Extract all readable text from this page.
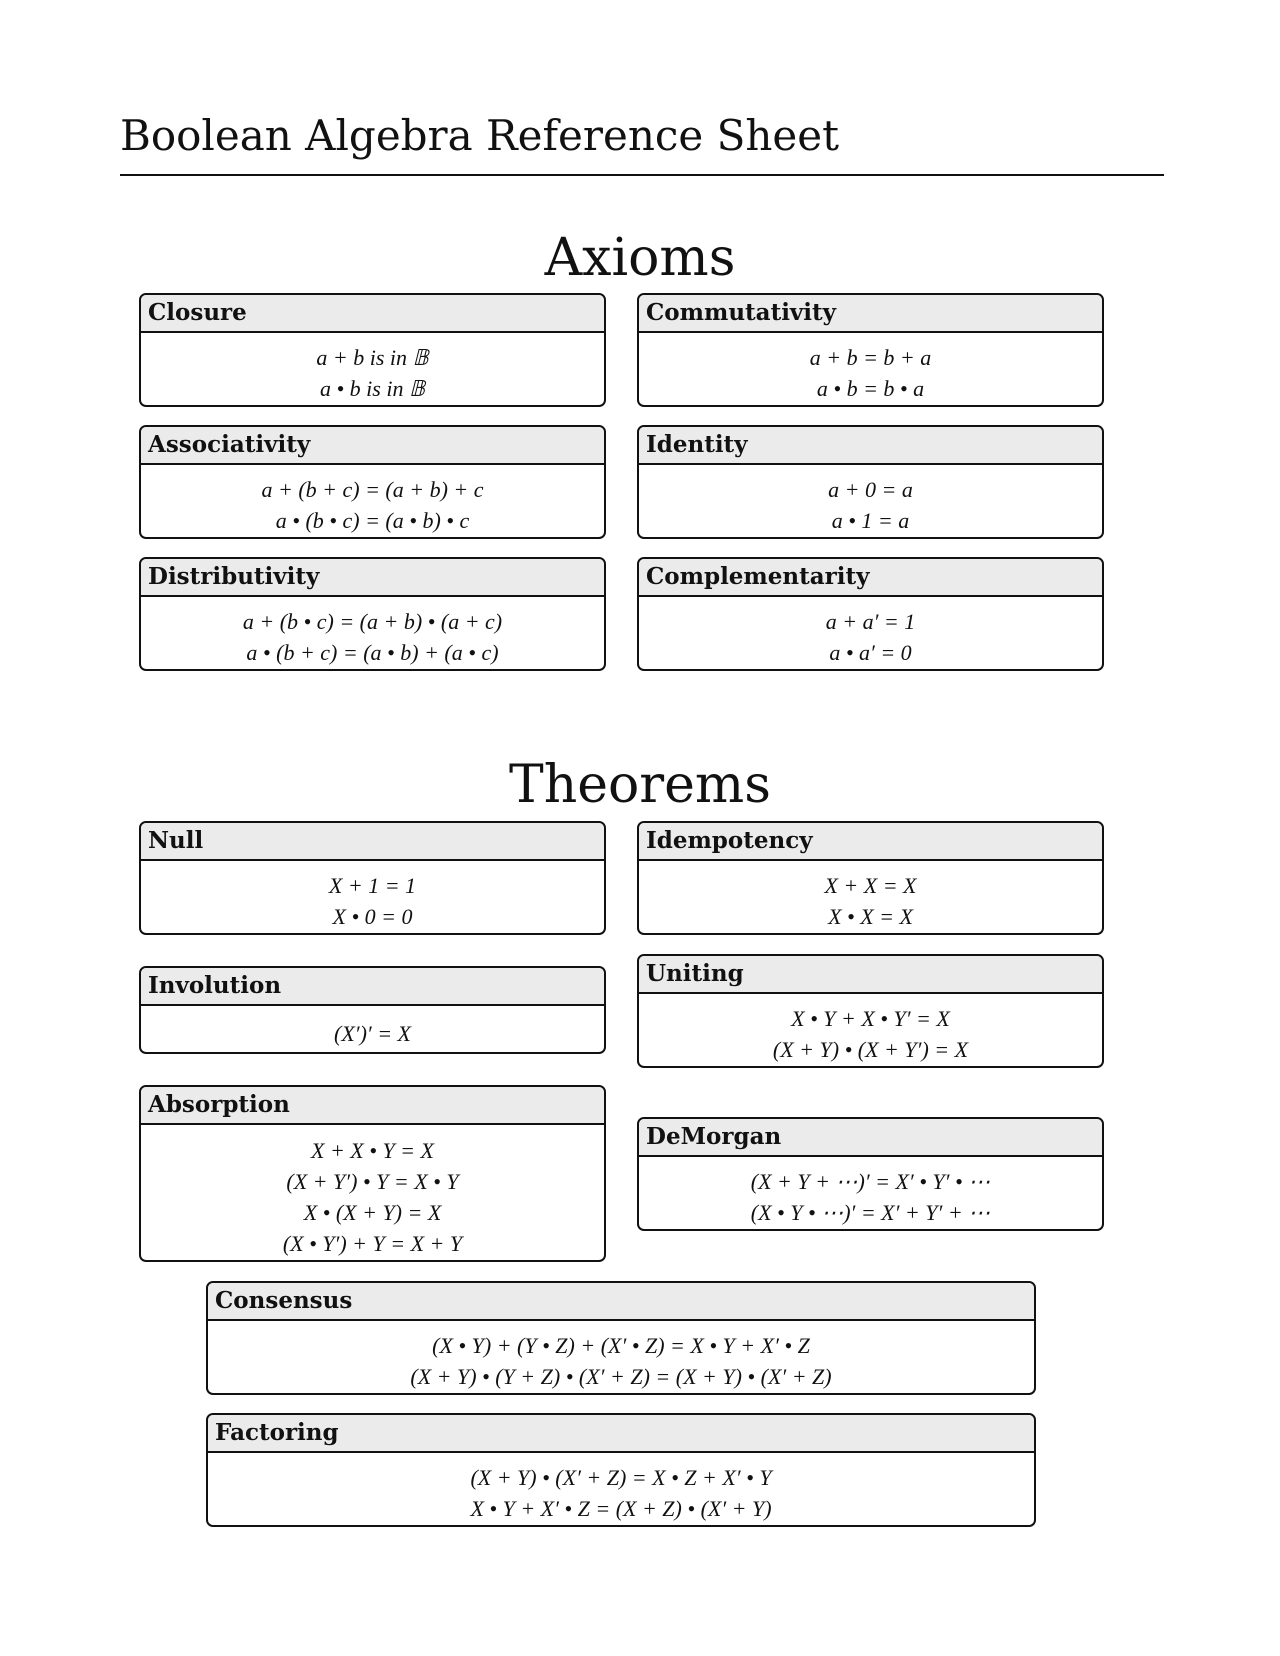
Boolean Algebra Reference Sheet
Axioms
Closure
a + b is in 𝔹
a • b is in 𝔹
Commutativity
a + b = b + a
a • b = b • a
Associativity
a + (b + c) = (a + b) + c
a • (b • c) = (a • b) • c
Identity
a + 0 = a
a • 1 = a
Distributivity
a + (b • c) = (a + b) • (a + c)
a • (b + c) = (a • b) + (a • c)
Complementarity
a + a′ = 1
a • a′ = 0
Theorems
Null
X + 1 = 1
X • 0 = 0
Idempotency
X + X = X
X • X = X
Involution
(X′)′ = X
Uniting
X • Y + X • Y′ = X
(X + Y) • (X + Y′) = X
Absorption
X + X • Y = X
(X + Y′) • Y = X • Y
X • (X + Y) = X
(X • Y′) + Y = X + Y
DeMorgan
(X + Y + ⋯)′ = X′ • Y′ • ⋯
(X • Y • ⋯)′ = X′ + Y′ + ⋯
Consensus
(X • Y) + (Y • Z) + (X′ • Z) = X • Y + X′ • Z
(X + Y) • (Y + Z) • (X′ + Z) = (X + Y) • (X′ + Z)
Factoring
(X + Y) • (X′ + Z) = X • Z + X′ • Y
X • Y + X′ • Z = (X + Z) • (X′ + Y)
